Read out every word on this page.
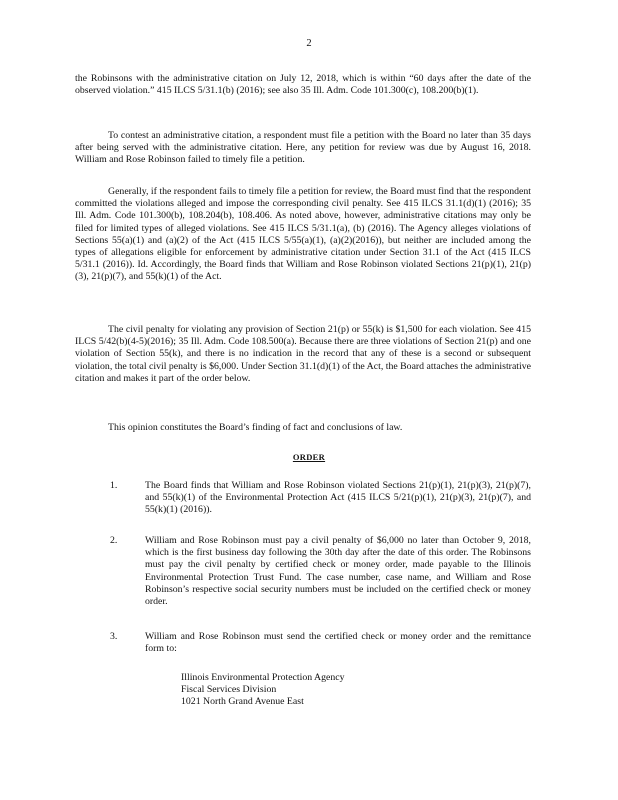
2
the Robinsons with the administrative citation on July 12, 2018, which is within “60 days after the date of the observed violation.” 415 ILCS 5/31.1(b) (2016); see also 35 Ill. Adm. Code 101.300(c), 108.200(b)(1).
To contest an administrative citation, a respondent must file a petition with the Board no later than 35 days after being served with the administrative citation. Here, any petition for review was due by August 16, 2018. William and Rose Robinson failed to timely file a petition.
Generally, if the respondent fails to timely file a petition for review, the Board must find that the respondent committed the violations alleged and impose the corresponding civil penalty. See 415 ILCS 31.1(d)(1) (2016); 35 Ill. Adm. Code 101.300(b), 108.204(b), 108.406. As noted above, however, administrative citations may only be filed for limited types of alleged violations. See 415 ILCS 5/31.1(a), (b) (2016). The Agency alleges violations of Sections 55(a)(1) and (a)(2) of the Act (415 ILCS 5/55(a)(1), (a)(2)(2016)), but neither are included among the types of allegations eligible for enforcement by administrative citation under Section 31.1 of the Act (415 ILCS 5/31.1 (2016)). Id. Accordingly, the Board finds that William and Rose Robinson violated Sections 21(p)(1), 21(p)(3), 21(p)(7), and 55(k)(1) of the Act.
The civil penalty for violating any provision of Section 21(p) or 55(k) is $1,500 for each violation. See 415 ILCS 5/42(b)(4-5)(2016); 35 Ill. Adm. Code 108.500(a). Because there are three violations of Section 21(p) and one violation of Section 55(k), and there is no indication in the record that any of these is a second or subsequent violation, the total civil penalty is $6,000. Under Section 31.1(d)(1) of the Act, the Board attaches the administrative citation and makes it part of the order below.
This opinion constitutes the Board’s finding of fact and conclusions of law.
ORDER
1.	The Board finds that William and Rose Robinson violated Sections 21(p)(1), 21(p)(3), 21(p)(7), and 55(k)(1) of the Environmental Protection Act (415 ILCS 5/21(p)(1), 21(p)(3), 21(p)(7), and 55(k)(1) (2016)).
2.	William and Rose Robinson must pay a civil penalty of $6,000 no later than October 9, 2018, which is the first business day following the 30th day after the date of this order. The Robinsons must pay the civil penalty by certified check or money order, made payable to the Illinois Environmental Protection Trust Fund. The case number, case name, and William and Rose Robinson’s respective social security numbers must be included on the certified check or money order.
3.	William and Rose Robinson must send the certified check or money order and the remittance form to:
Illinois Environmental Protection Agency
Fiscal Services Division
1021 North Grand Avenue East
